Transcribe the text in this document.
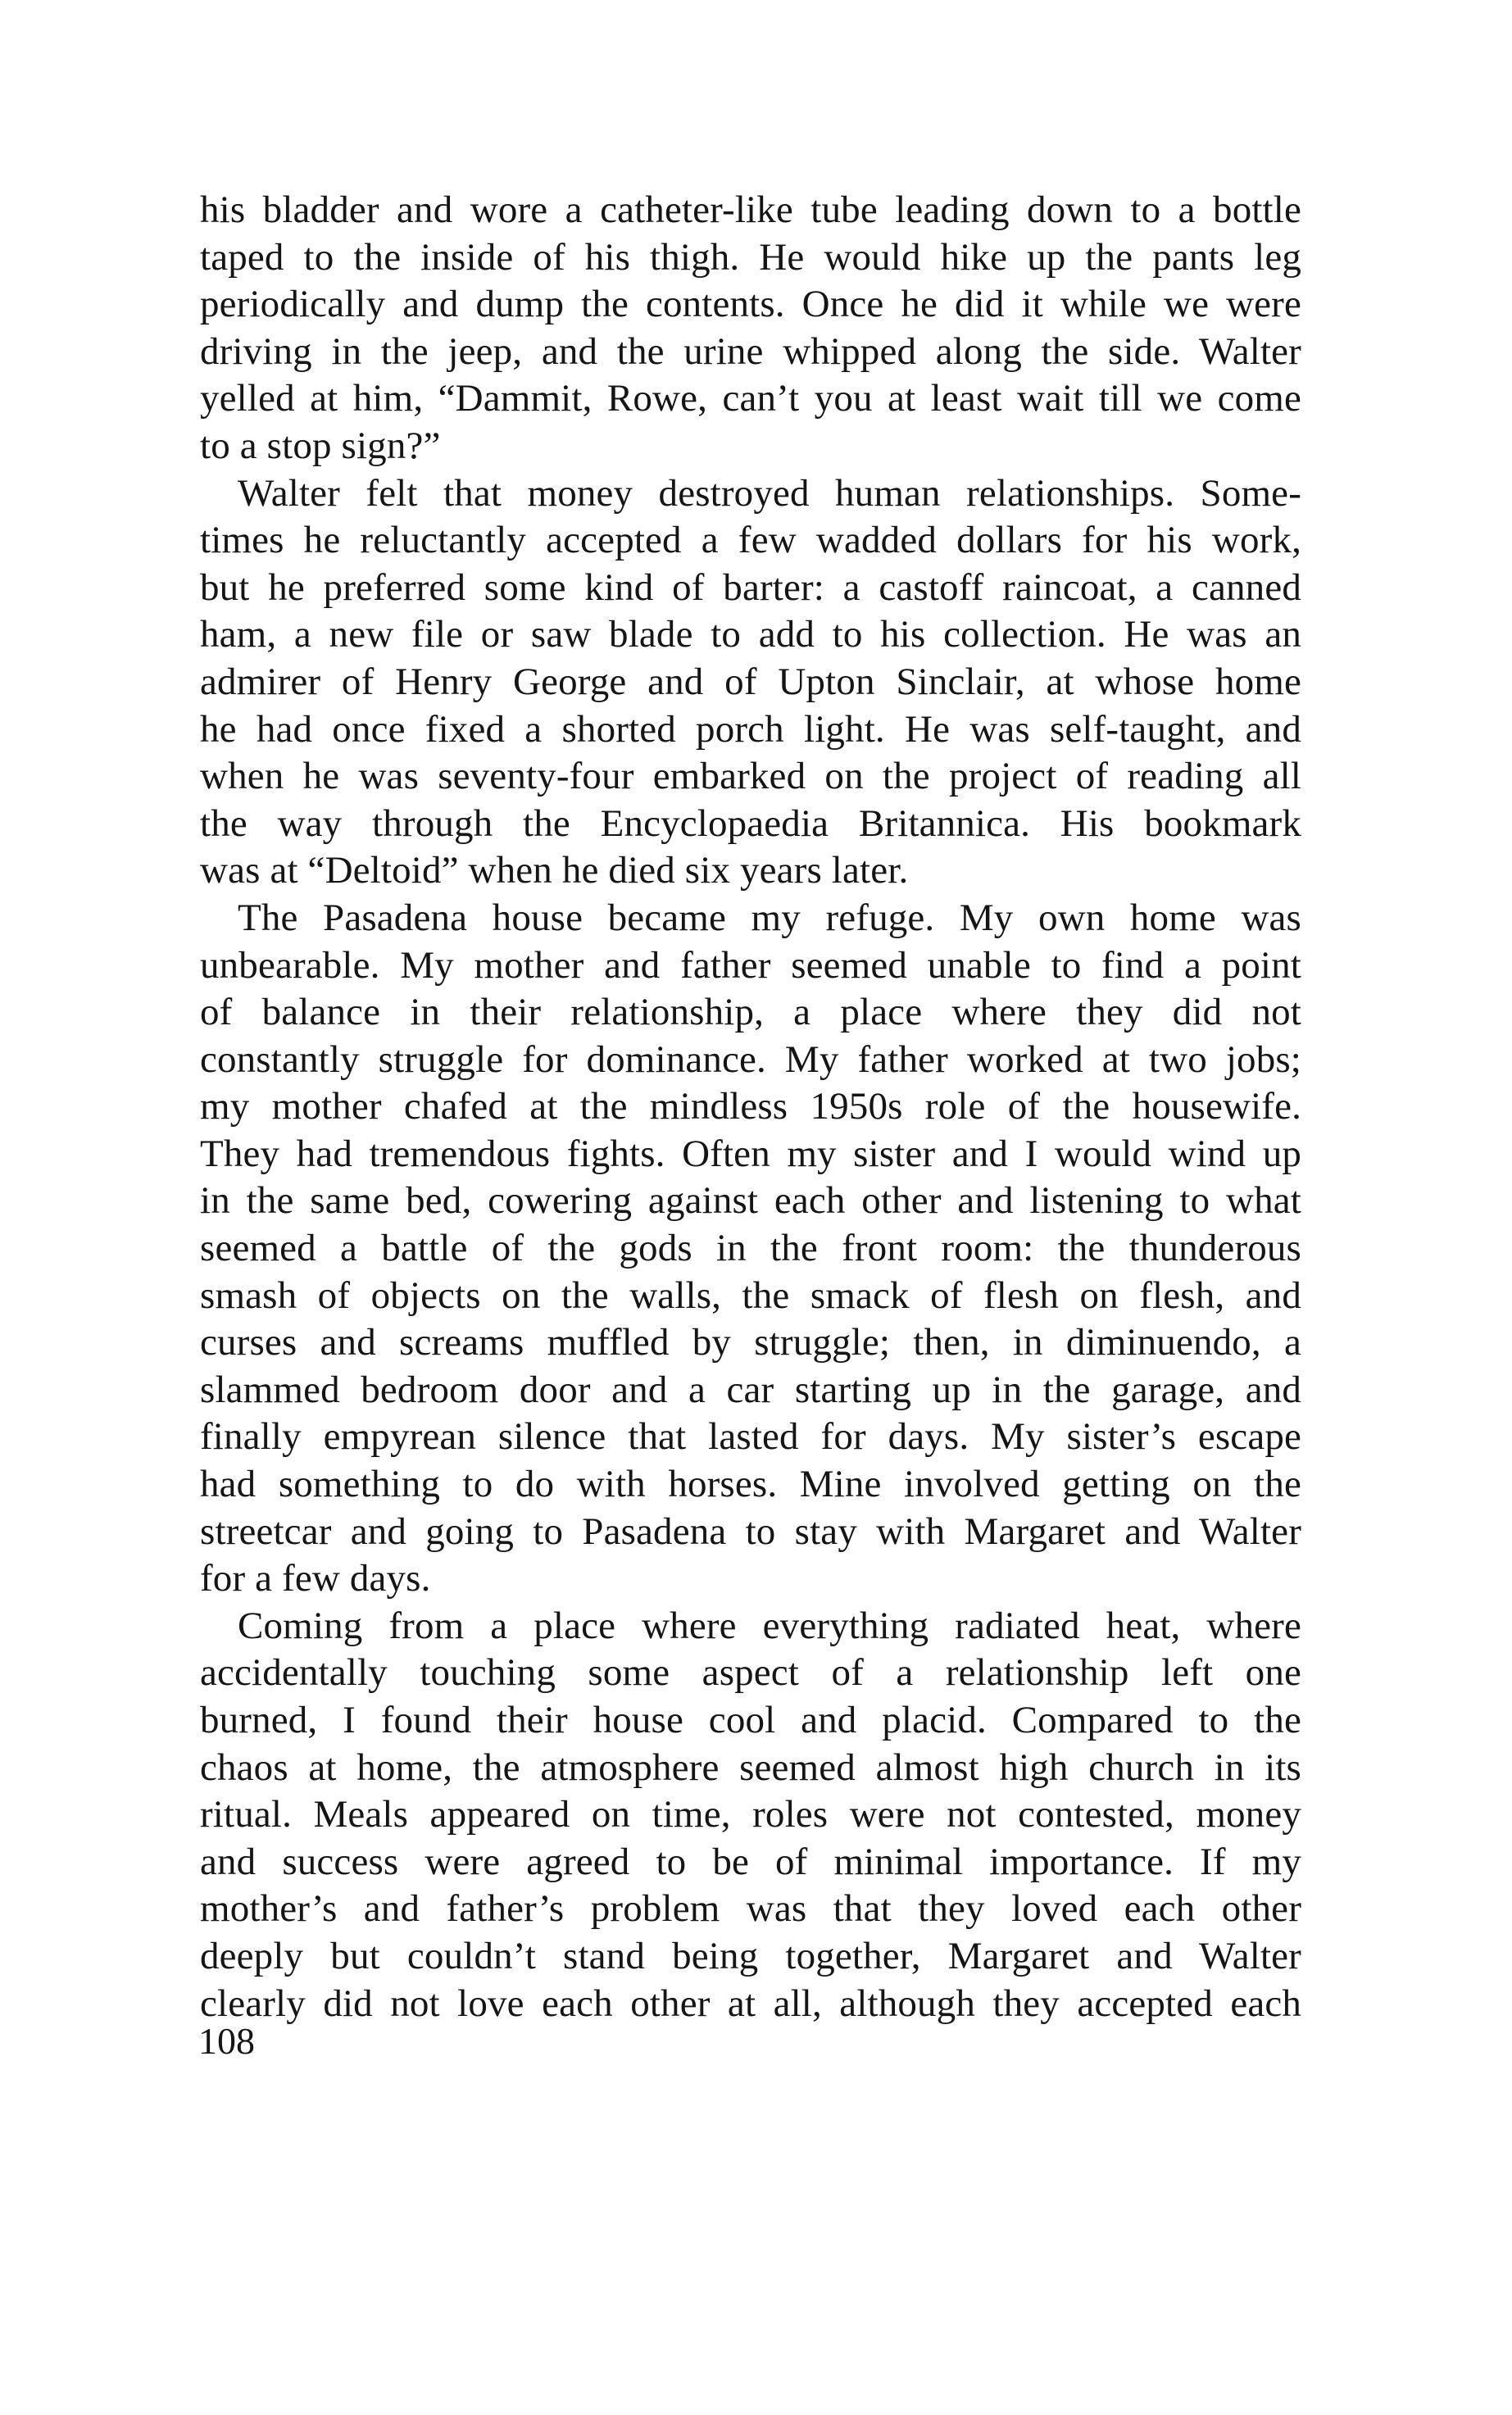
his bladder and wore a catheter-like tube leading down to a bottle
taped to the inside of his thigh. He would hike up the pants leg
periodically and dump the contents. Once he did it while we were
driving in the jeep, and the urine whipped along the side. Walter
yelled at him, “Dammit, Rowe, can’t you at least wait till we come
to a stop sign?”
Walter felt that money destroyed human relationships. Some-
times he reluctantly accepted a few wadded dollars for his work,
but he preferred some kind of barter: a castoff raincoat, a canned
ham, a new file or saw blade to add to his collection. He was an
admirer of Henry George and of Upton Sinclair, at whose home
he had once fixed a shorted porch light. He was self-taught, and
when he was seventy-four embarked on the project of reading all
the way through the Encyclopaedia Britannica. His bookmark
was at “Deltoid” when he died six years later.
The Pasadena house became my refuge. My own home was
unbearable. My mother and father seemed unable to find a point
of balance in their relationship, a place where they did not
constantly struggle for dominance. My father worked at two jobs;
my mother chafed at the mindless 1950s role of the housewife.
They had tremendous fights. Often my sister and I would wind up
in the same bed, cowering against each other and listening to what
seemed a battle of the gods in the front room: the thunderous
smash of objects on the walls, the smack of flesh on flesh, and
curses and screams muffled by struggle; then, in diminuendo, a
slammed bedroom door and a car starting up in the garage, and
finally empyrean silence that lasted for days. My sister’s escape
had something to do with horses. Mine involved getting on the
streetcar and going to Pasadena to stay with Margaret and Walter
for a few days.
Coming from a place where everything radiated heat, where
accidentally touching some aspect of a relationship left one
burned, I found their house cool and placid. Compared to the
chaos at home, the atmosphere seemed almost high church in its
ritual. Meals appeared on time, roles were not contested, money
and success were agreed to be of minimal importance. If my
mother’s and father’s problem was that they loved each other
deeply but couldn’t stand being together, Margaret and Walter
clearly did not love each other at all, although they accepted each
108
